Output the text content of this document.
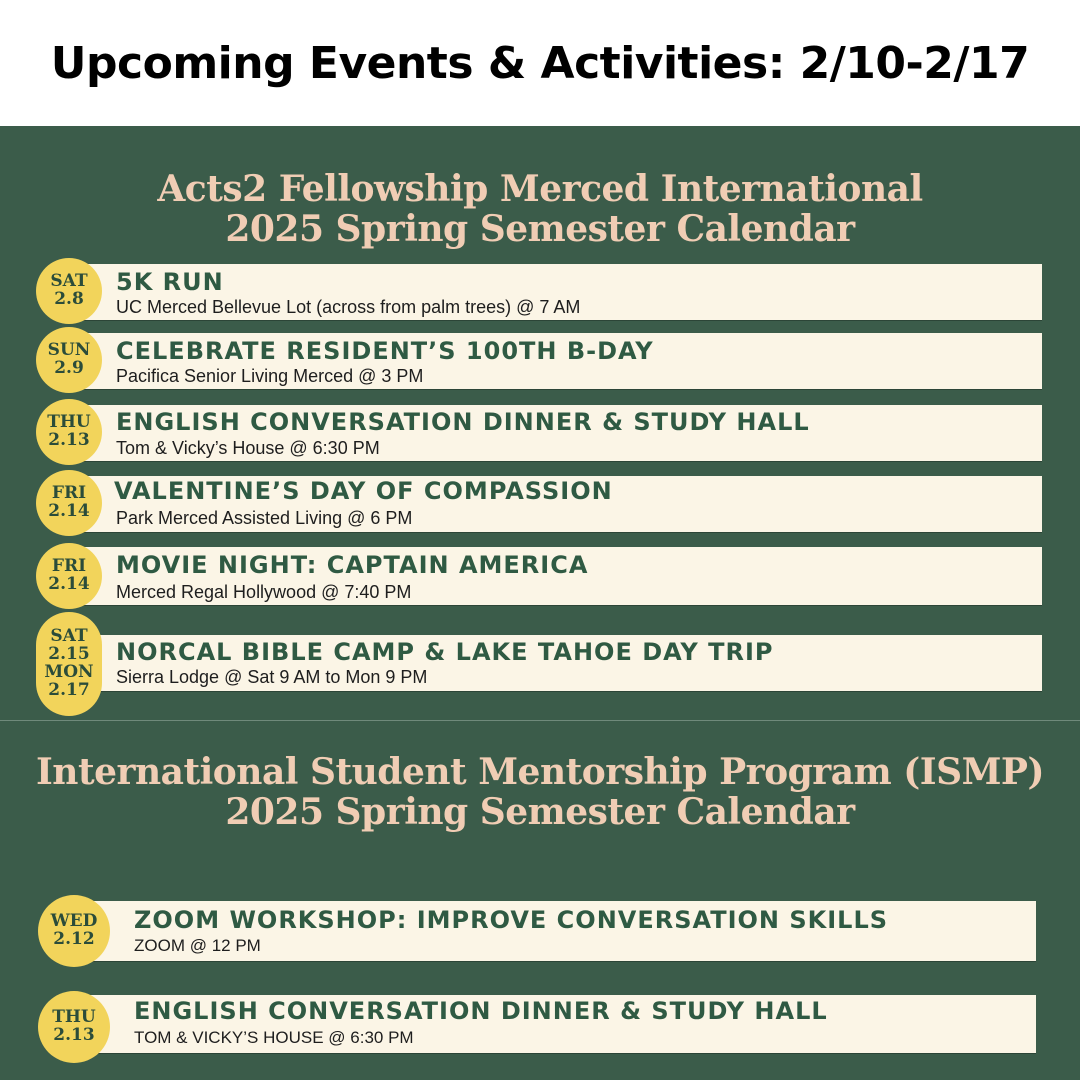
Upcoming Events & Activities: 2/10-2/17
Acts2 Fellowship Merced International
2025 Spring Semester Calendar
5K RUN
UC Merced Bellevue Lot (across from palm trees) @ 7 AM
SAT
2.8
CELEBRATE RESIDENT’S 100TH B-DAY
Pacifica Senior Living Merced @ 3 PM
SUN
2.9
ENGLISH CONVERSATION DINNER & STUDY HALL
Tom & Vicky’s House @ 6:30 PM
THU
2.13
VALENTINE’S DAY OF COMPASSION
Park Merced Assisted Living @ 6 PM
FRI
2.14
MOVIE NIGHT: CAPTAIN AMERICA
Merced Regal Hollywood @ 7:40 PM
FRI
2.14
NORCAL BIBLE CAMP & LAKE TAHOE DAY TRIP
Sierra Lodge @ Sat 9 AM to Mon 9 PM
SAT
2.15
MON
2.17
International Student Mentorship Program (ISMP)
2025 Spring Semester Calendar
ZOOM WORKSHOP: IMPROVE CONVERSATION SKILLS
ZOOM @ 12 PM
WED
2.12
ENGLISH CONVERSATION DINNER & STUDY HALL
TOM & VICKY’S HOUSE @ 6:30 PM
THU
2.13
